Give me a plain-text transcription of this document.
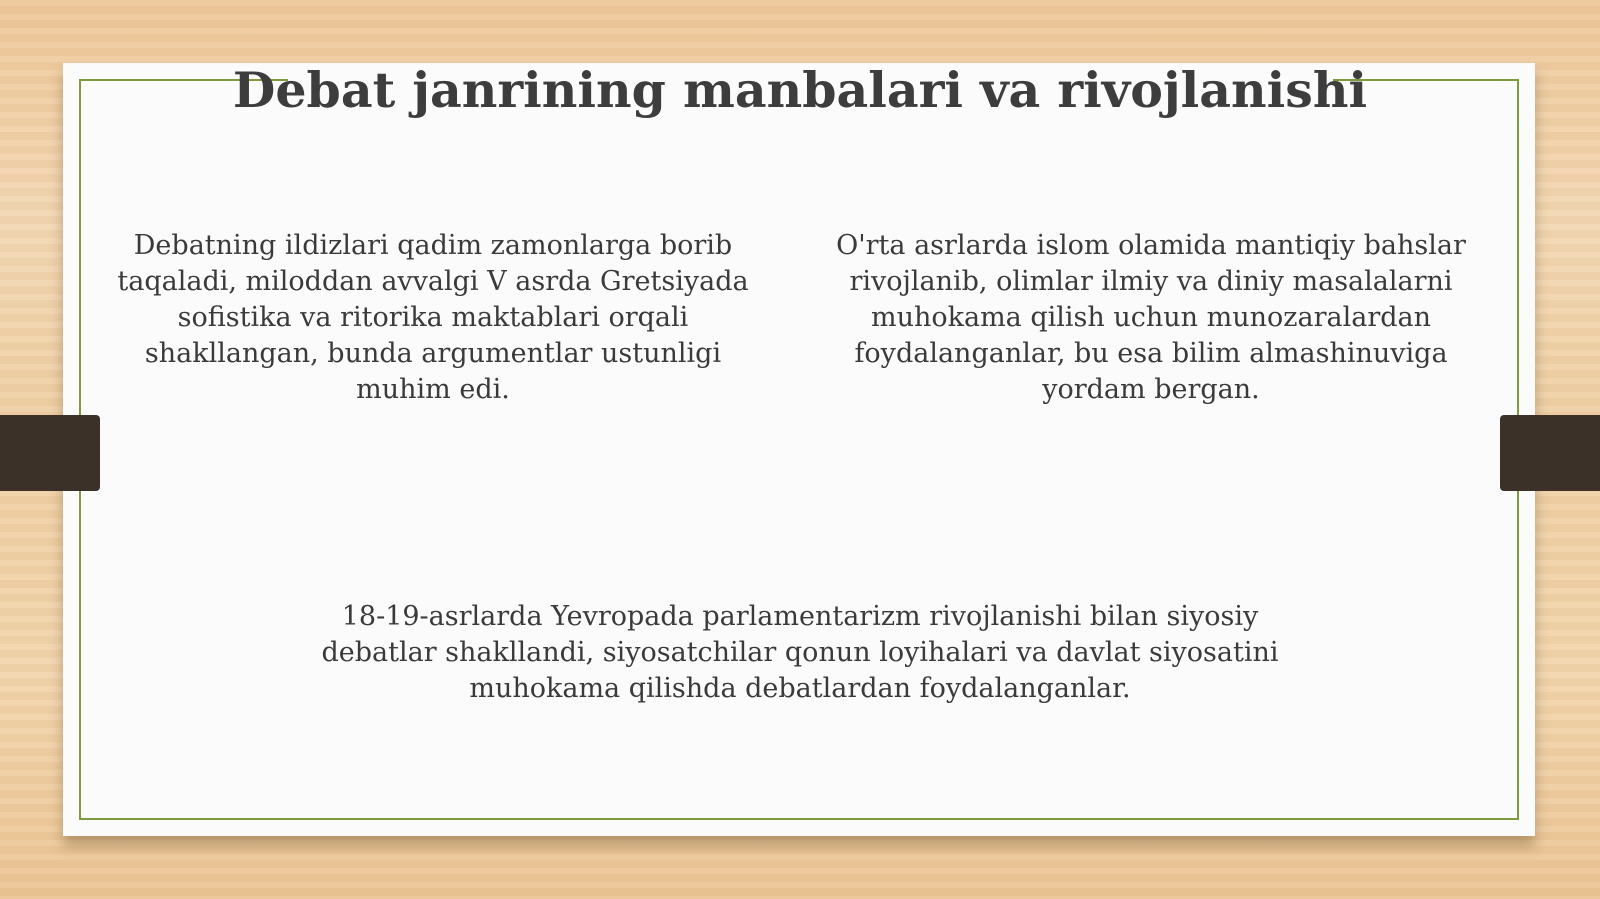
Debat janrining manbalari va rivojlanishi

Debatning ildizlari qadim zamonlarga borib taqaladi, miloddan avvalgi V asrda Gretsiyada sofistika va ritorika maktablari orqali shakllangan, bunda argumentlar ustunligi muhim edi.

O'rta asrlarda islom olamida mantiqiy bahslar rivojlanib, olimlar ilmiy va diniy masalalarni muhokama qilish uchun munozaralardan foydalanganlar, bu esa bilim almashinuviga yordam bergan.

18-19-asrlarda Yevropada parlamentarizm rivojlanishi bilan siyosiy debatlar shakllandi, siyosatchilar qonun loyihalari va davlat siyosatini muhokama qilishda debatlardan foydalanganlar.
